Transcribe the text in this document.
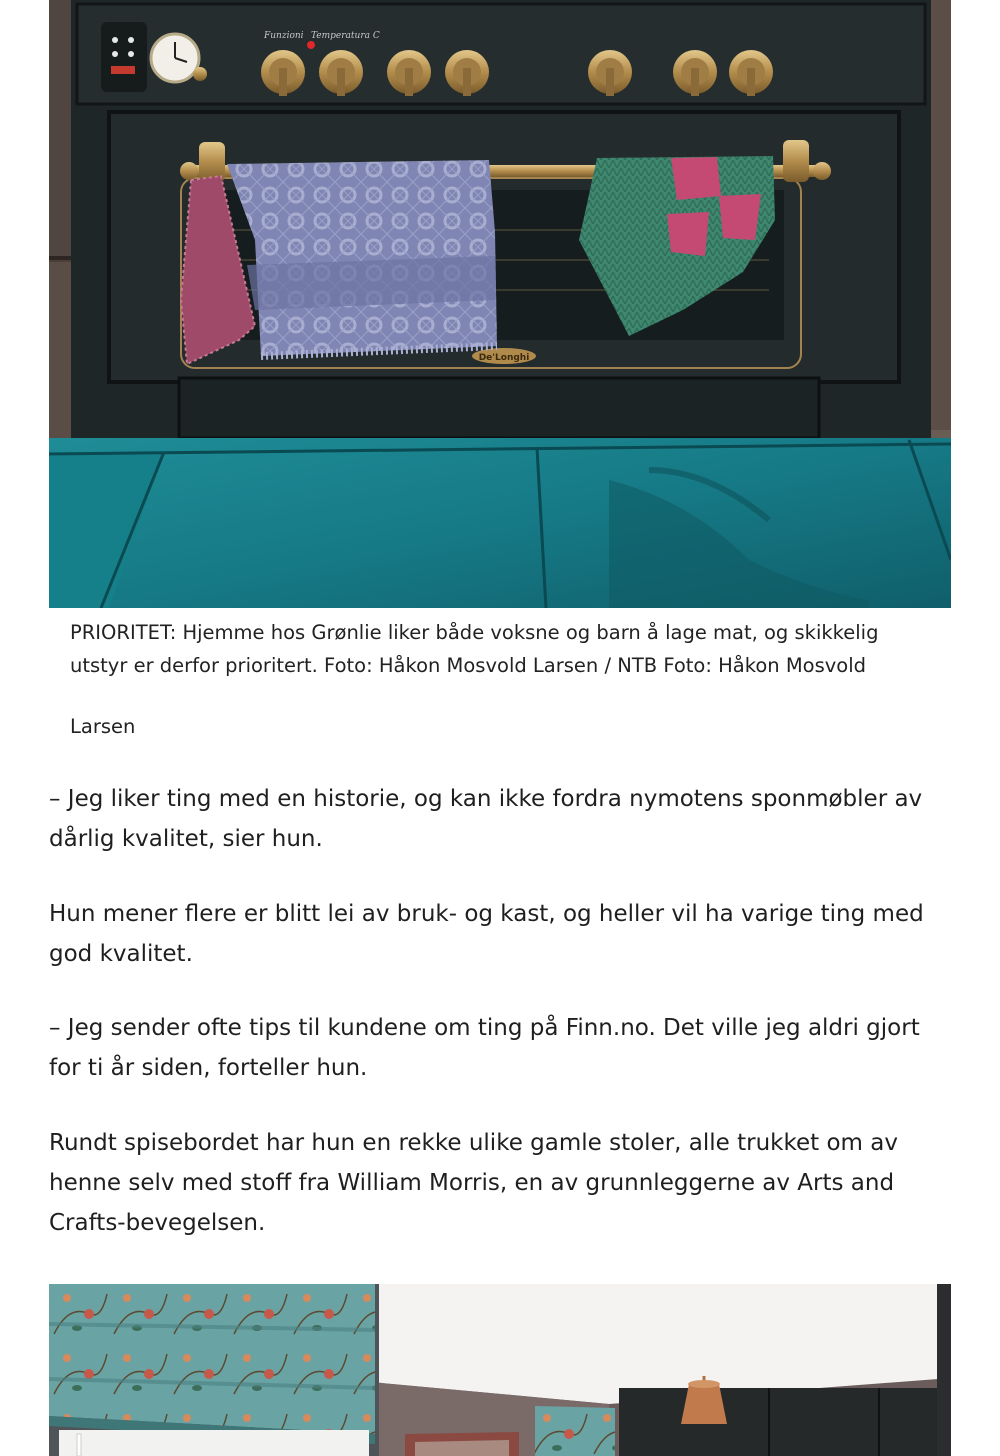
Funzioni Temperatura C
De'Longhi

PRIORITET: Hjemme hos Grønlie liker både voksne og barn å lage mat, og skikkelig
utstyr er derfor prioritert. Foto: Håkon Mosvold Larsen / NTB Foto: Håkon Mosvold
Larsen

– Jeg liker ting med en historie, og kan ikke fordra nymotens sponmøbler av
dårlig kvalitet, sier hun.

Hun mener flere er blitt lei av bruk- og kast, og heller vil ha varige ting med
god kvalitet.

– Jeg sender ofte tips til kundene om ting på Finn.no. Det ville jeg aldri gjort
for ti år siden, forteller hun.

Rundt spisebordet har hun en rekke ulike gamle stoler, alle trukket om av
henne selv med stoff fra William Morris, en av grunnleggerne av Arts and
Crafts-bevegelsen.
